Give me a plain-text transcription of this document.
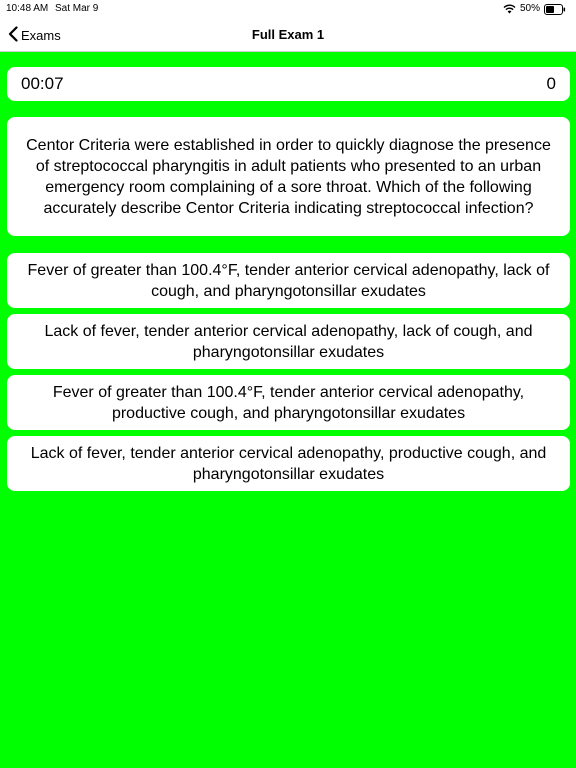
10:48 AM Sat Mar 9	50%
Exams	Full Exam 1
00:07	0

Centor Criteria were established in order to quickly diagnose the presence of streptococcal pharyngitis in adult patients who presented to an urban emergency room complaining of a sore throat. Which of the following accurately describe Centor Criteria indicating streptococcal infection?

Fever of greater than 100.4°F, tender anterior cervical adenopathy, lack of cough, and pharyngotonsillar exudates

Lack of fever, tender anterior cervical adenopathy, lack of cough, and pharyngotonsillar exudates

Fever of greater than 100.4°F, tender anterior cervical adenopathy, productive cough, and pharyngotonsillar exudates

Lack of fever, tender anterior cervical adenopathy, productive cough, and pharyngotonsillar exudates
